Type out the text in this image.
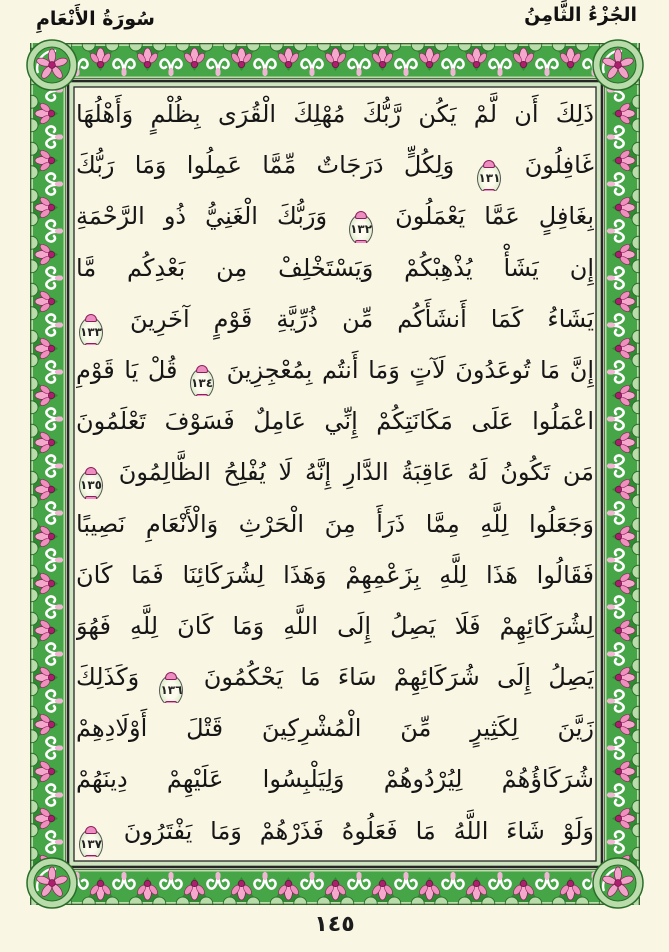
الجُزْءُ الثَّامِنُ
سُورَةُ الأَنْعَامِ
ذَلِكَ أَن لَّمْ يَكُن رَّبُّكَ مُهْلِكَ الْقُرَى بِظُلْمٍ وَأَهْلُهَا
غَافِلُونَ
١٣١
وَلِكُلٍّ دَرَجَاتٌ مِّمَّا عَمِلُوا وَمَا رَبُّكَ
بِغَافِلٍ عَمَّا يَعْمَلُونَ
١٣٢
وَرَبُّكَ الْغَنِيُّ ذُو الرَّحْمَةِ
إِن يَشَأْ يُذْهِبْكُمْ وَيَسْتَخْلِفْ مِن بَعْدِكُم مَّا
يَشَاءُ كَمَا أَنشَأَكُم مِّن ذُرِّيَّةِ قَوْمٍ آخَرِينَ
١٣٣
إِنَّ مَا تُوعَدُونَ لَآتٍ وَمَا أَنتُم بِمُعْجِزِينَ
١٣٤
قُلْ يَا قَوْمِ
اعْمَلُوا عَلَى مَكَانَتِكُمْ إِنِّي عَامِلٌ فَسَوْفَ تَعْلَمُونَ
مَن تَكُونُ لَهُ عَاقِبَةُ الدَّارِ إِنَّهُ لَا يُفْلِحُ الظَّالِمُونَ
١٣٥
وَجَعَلُوا لِلَّهِ مِمَّا ذَرَأَ مِنَ الْحَرْثِ وَالْأَنْعَامِ نَصِيبًا
فَقَالُوا هَذَا لِلَّهِ بِزَعْمِهِمْ وَهَذَا لِشُرَكَائِنَا فَمَا كَانَ
لِشُرَكَائِهِمْ فَلَا يَصِلُ إِلَى اللَّهِ وَمَا كَانَ لِلَّهِ فَهُوَ
يَصِلُ إِلَى شُرَكَائِهِمْ سَاءَ مَا يَحْكُمُونَ
١٣٦
وَكَذَلِكَ
زَيَّنَ لِكَثِيرٍ مِّنَ الْمُشْرِكِينَ قَتْلَ أَوْلَادِهِمْ
شُرَكَاؤُهُمْ لِيُرْدُوهُمْ وَلِيَلْبِسُوا عَلَيْهِمْ دِينَهُمْ
وَلَوْ شَاءَ اللَّهُ مَا فَعَلُوهُ فَذَرْهُمْ وَمَا يَفْتَرُونَ
١٣٧
١٤٥
